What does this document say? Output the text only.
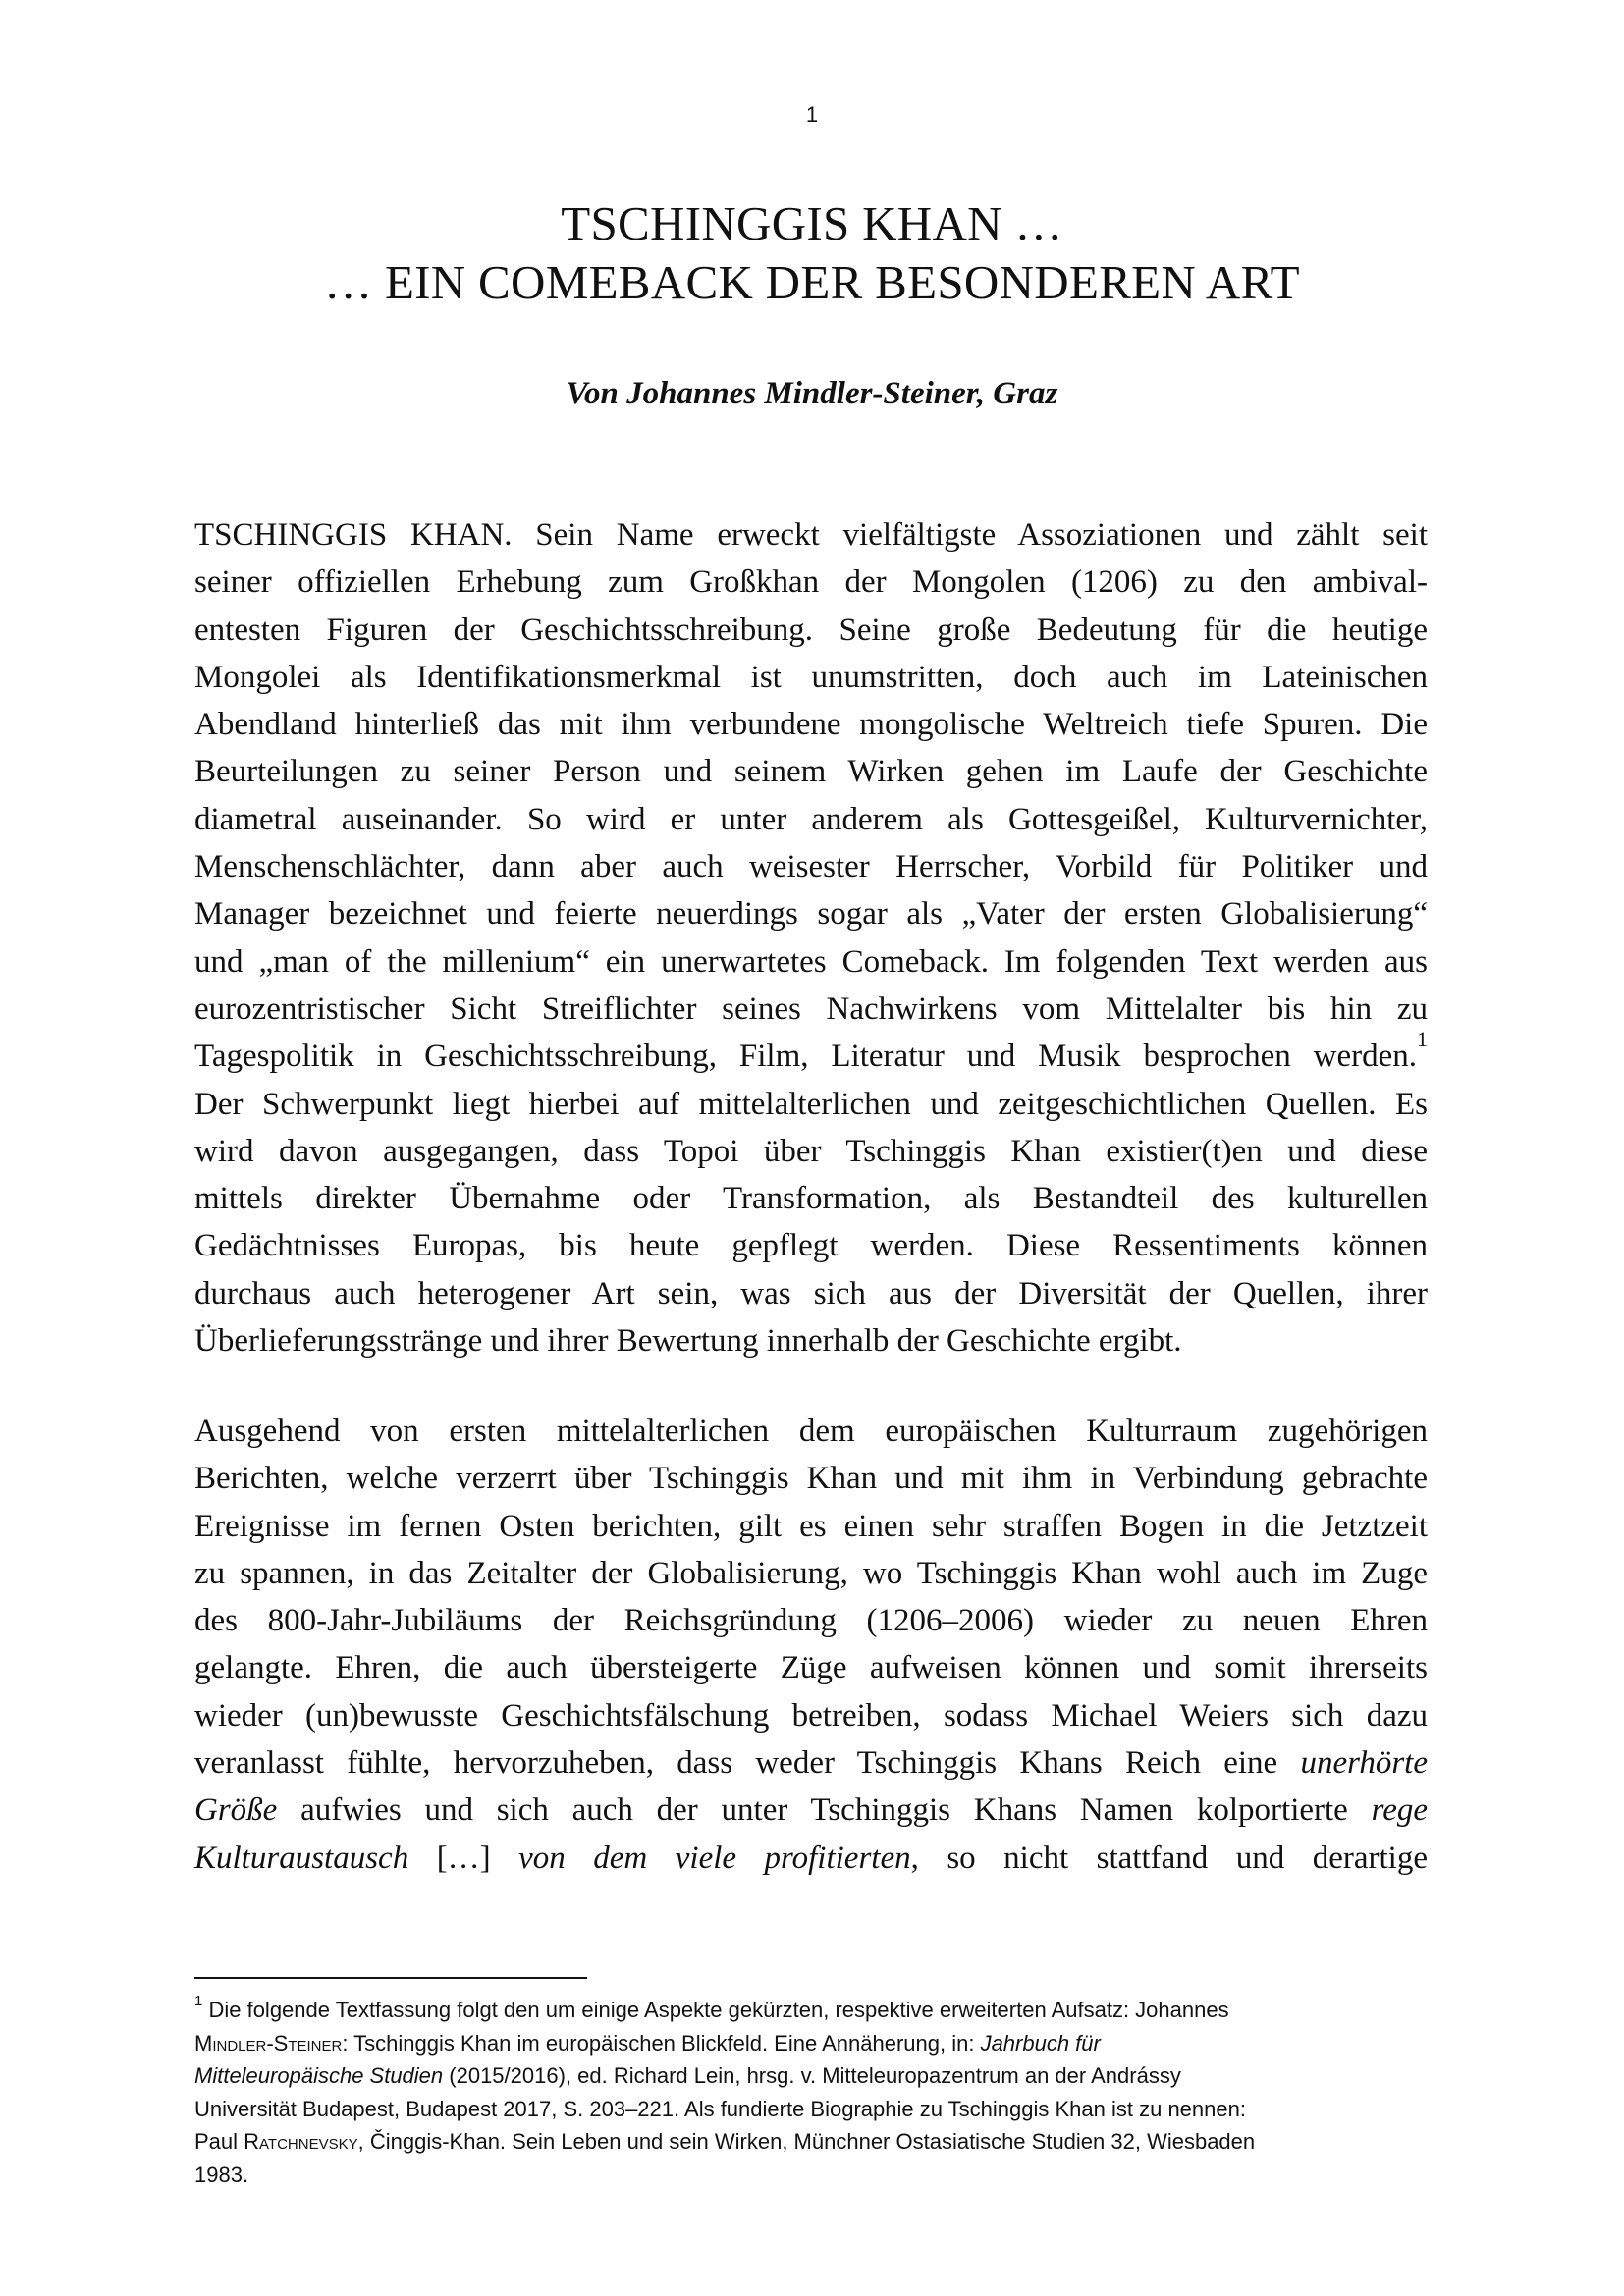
1
TSCHINGGIS KHAN …
… EIN COMEBACK DER BESONDEREN ART
Von Johannes Mindler-Steiner, Graz
TSCHINGGIS KHAN. Sein Name erweckt vielfältigste Assoziationen und zählt seit
seiner offiziellen Erhebung zum Großkhan der Mongolen (1206) zu den ambival-
entesten Figuren der Geschichtsschreibung. Seine große Bedeutung für die heutige
Mongolei als Identifikationsmerkmal ist unumstritten, doch auch im Lateinischen
Abendland hinterließ das mit ihm verbundene mongolische Weltreich tiefe Spuren. Die
Beurteilungen zu seiner Person und seinem Wirken gehen im Laufe der Geschichte
diametral auseinander. So wird er unter anderem als Gottesgeißel, Kulturvernichter,
Menschenschlächter, dann aber auch weisester Herrscher, Vorbild für Politiker und
Manager bezeichnet und feierte neuerdings sogar als „Vater der ersten Globalisierung“
und „man of the millenium“ ein unerwartetes Comeback. Im folgenden Text werden aus
eurozentristischer Sicht Streiflichter seines Nachwirkens vom Mittelalter bis hin zu
Tagespolitik in Geschichtsschreibung, Film, Literatur und Musik besprochen werden.$^1$
Der Schwerpunkt liegt hierbei auf mittelalterlichen und zeitgeschichtlichen Quellen. Es
wird davon ausgegangen, dass Topoi über Tschinggis Khan existier(t)en und diese
mittels direkter Übernahme oder Transformation, als Bestandteil des kulturellen
Gedächtnisses Europas, bis heute gepflegt werden. Diese Ressentiments können
durchaus auch heterogener Art sein, was sich aus der Diversität der Quellen, ihrer
Überlieferungsstränge und ihrer Bewertung innerhalb der Geschichte ergibt.
Ausgehend von ersten mittelalterlichen dem europäischen Kulturraum zugehörigen
Berichten, welche verzerrt über Tschinggis Khan und mit ihm in Verbindung gebrachte
Ereignisse im fernen Osten berichten, gilt es einen sehr straffen Bogen in die Jetztzeit
zu spannen, in das Zeitalter der Globalisierung, wo Tschinggis Khan wohl auch im Zuge
des 800-Jahr-Jubiläums der Reichsgründung (1206–2006) wieder zu neuen Ehren
gelangte. Ehren, die auch übersteigerte Züge aufweisen können und somit ihrerseits
wieder (un)bewusste Geschichtsfälschung betreiben, sodass Michael Weiers sich dazu
veranlasst fühlte, hervorzuheben, dass weder Tschinggis Khans Reich eine unerhörte
Größe aufwies und sich auch der unter Tschinggis Khans Namen kolportierte rege
Kulturaustausch […] von dem viele profitierten, so nicht stattfand und derartige
$^1$ Die folgende Textfassung folgt den um einige Aspekte gekürzten, respektive erweiterten Aufsatz: Johannes
Mindler-Steiner: Tschinggis Khan im europäischen Blickfeld. Eine Annäherung, in: Jahrbuch für
Mitteleuropäische Studien (2015/2016), ed. Richard Lein, hrsg. v. Mitteleuropazentrum an der Andrássy
Universität Budapest, Budapest 2017, S. 203–221. Als fundierte Biographie zu Tschinggis Khan ist zu nennen:
Paul Ratchnevsky, Činggis-Khan. Sein Leben und sein Wirken, Münchner Ostasiatische Studien 32, Wiesbaden
1983.
